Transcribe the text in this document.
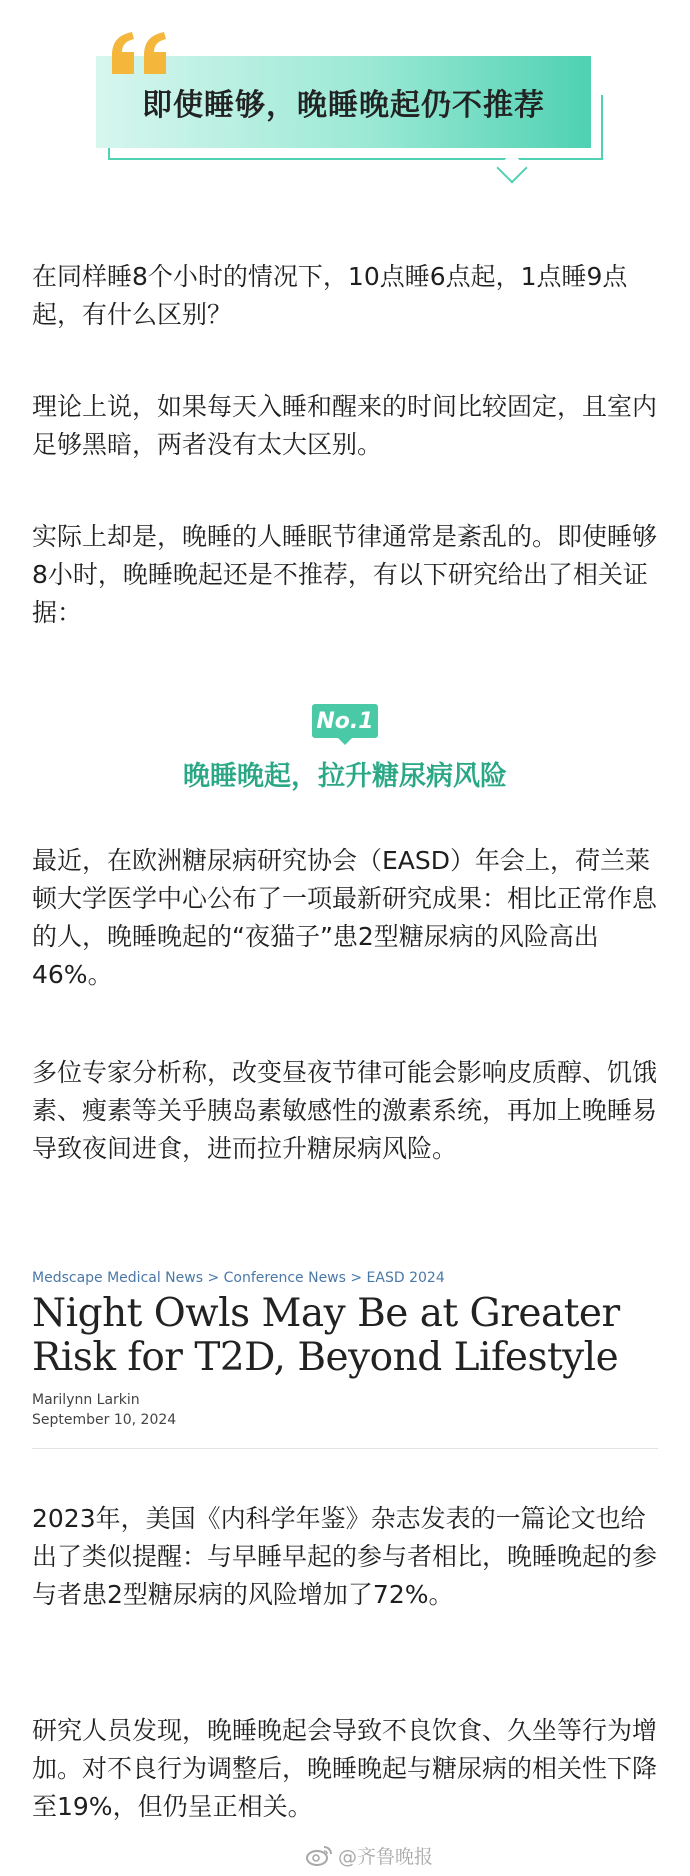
即使睡够，晚睡晚起仍不推荐

在同样睡8个小时的情况下，10点睡6点起，1点睡9点起，有什么区别？

理论上说，如果每天入睡和醒来的时间比较固定，且室内足够黑暗，两者没有太大区别。

实际上却是，晚睡的人睡眠节律通常是紊乱的。即使睡够8小时，晚睡晚起还是不推荐，有以下研究给出了相关证据：

No.1
晚睡晚起，拉升糖尿病风险

最近，在欧洲糖尿病研究协会（EASD）年会上，荷兰莱顿大学医学中心公布了一项最新研究成果：相比正常作息的人，晚睡晚起的“夜猫子”患2型糖尿病的风险高出46%。

多位专家分析称，改变昼夜节律可能会影响皮质醇、饥饿素、瘦素等关乎胰岛素敏感性的激素系统，再加上晚睡易导致夜间进食，进而拉升糖尿病风险。

Medscape Medical News > Conference News > EASD 2024

Night Owls May Be at Greater Risk for T2D, Beyond Lifestyle

Marilynn Larkin
September 10, 2024

2023年，美国《内科学年鉴》杂志发表的一篇论文也给出了类似提醒：与早睡早起的参与者相比，晚睡晚起的参与者患2型糖尿病的风险增加了72%。

研究人员发现，晚睡晚起会导致不良饮食、久坐等行为增加。对不良行为调整后，晚睡晚起与糖尿病的相关性下降至19%，但仍呈正相关。

@齐鲁晚报
